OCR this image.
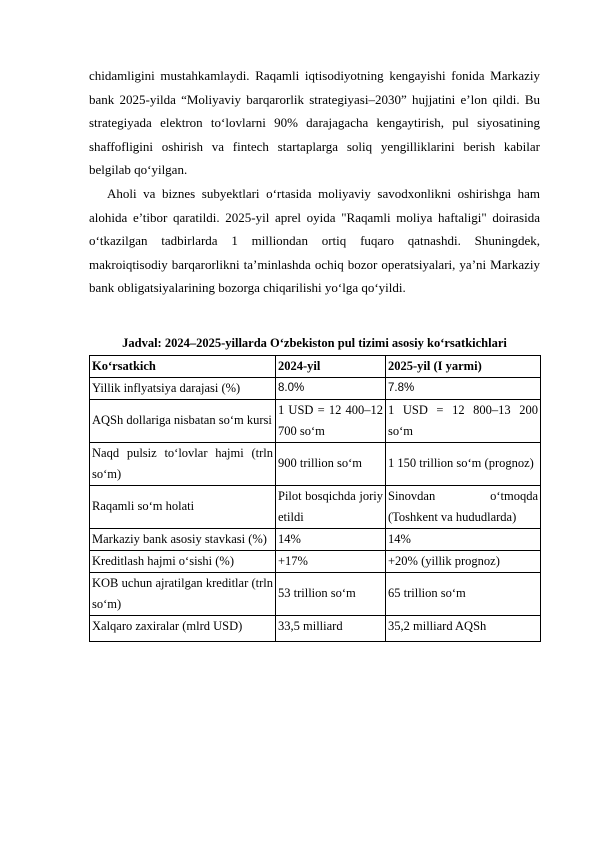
chidamligini mustahkamlaydi. Raqamli iqtisodiyotning kengayishi fonida Markaziy bank 2025-yilda “Moliyaviy barqarorlik strategiyasi–2030” hujjatini e’lon qildi. Bu strategiyada elektron to‘lovlarni 90% darajagacha kengaytirish, pul siyosatining shaffofligini oshirish va fintech startaplarga soliq yengilliklarini berish kabilar belgilab qo‘yilgan.

Aholi va biznes subyektlari o‘rtasida moliyaviy savodxonlikni oshirishga ham alohida e’tibor qaratildi. 2025-yil aprel oyida "Raqamli moliya haftaligi" doirasida o‘tkazilgan tadbirlarda 1 milliondan ortiq fuqaro qatnashdi. Shuningdek, makroiqtisodiy barqarorlikni ta’minlashda ochiq bozor operatsiyalari, ya’ni Markaziy bank obligatsiyalarining bozorga chiqarilishi yo‘lga qo‘yildi.

Jadval: 2024–2025-yillarda O‘zbekiston pul tizimi asosiy ko‘rsatkichlari
Ko‘rsatkich	2024-yil	2025-yil (I yarmi)
Yillik inflyatsiya darajasi (%)	8.0%	7.8%
AQSh dollariga nisbatan so‘m kursi	1 USD = 12 400–12 700 so‘m	1 USD = 12 800–13 200 so‘m
Naqd pulsiz to‘lovlar hajmi (trln so‘m)	900 trillion so‘m	1 150 trillion so‘m (prognoz)
Raqamli so‘m holati	Pilot bosqichda joriy etildi	Sinovdan o‘tmoqda (Toshkent va hududlarda)
Markaziy bank asosiy stavkasi (%)	14%	14%
Kreditlash hajmi o‘sishi (%)	+17%	+20% (yillik prognoz)
KOB uchun ajratilgan kreditlar (trln so‘m)	53 trillion so‘m	65 trillion so‘m
Xalqaro zaxiralar (mlrd USD)	33,5 milliard	35,2 milliard AQSh
